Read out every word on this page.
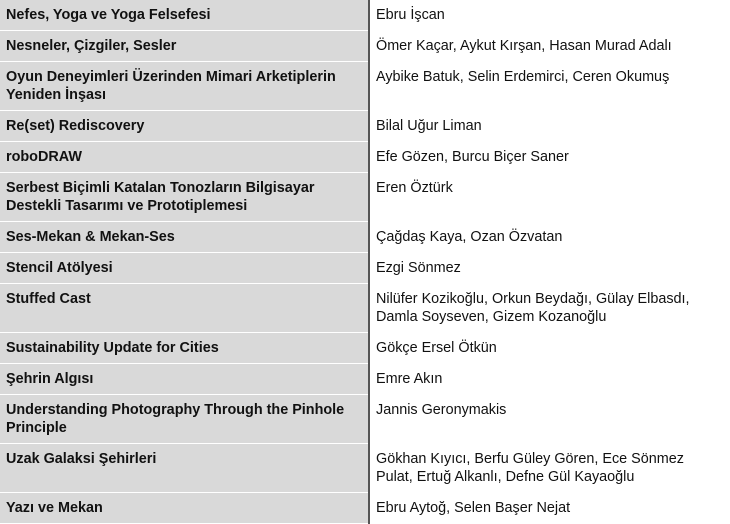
Nefes, Yoga ve Yoga Felsefesi	Ebru İşcan
Nesneler, Çizgiler, Sesler	Ömer Kaçar, Aykut Kırşan, Hasan Murad Adalı
Oyun Deneyimleri Üzerinden Mimari Arketiplerin Yeniden İnşası	Aybike Batuk, Selin Erdemirci, Ceren Okumuş
Re(set) Rediscovery	Bilal Uğur Liman
roboDRAW	Efe Gözen, Burcu Biçer Saner
Serbest Biçimli Katalan Tonozların Bilgisayar Destekli Tasarımı ve Prototiplemesi	Eren Öztürk
Ses-Mekan & Mekan-Ses	Çağdaş Kaya, Ozan Özvatan
Stencil Atölyesi	Ezgi Sönmez
Stuffed Cast	Nilüfer Kozikoğlu, Orkun Beydağı, Gülay Elbasdı, Damla Soyseven, Gizem Kozanoğlu
Sustainability Update for Cities	Gökçe Ersel Ötkün
Şehrin Algısı	Emre Akın
Understanding Photography Through the Pinhole Principle	Jannis Geronymakis
Uzak Galaksi Şehirleri	Gökhan Kıyıcı, Berfu Güley Gören, Ece Sönmez Pulat, Ertuğ Alkanlı, Defne Gül Kayaoğlu
Yazı ve Mekan	Ebru Aytoğ, Selen Başer Nejat
